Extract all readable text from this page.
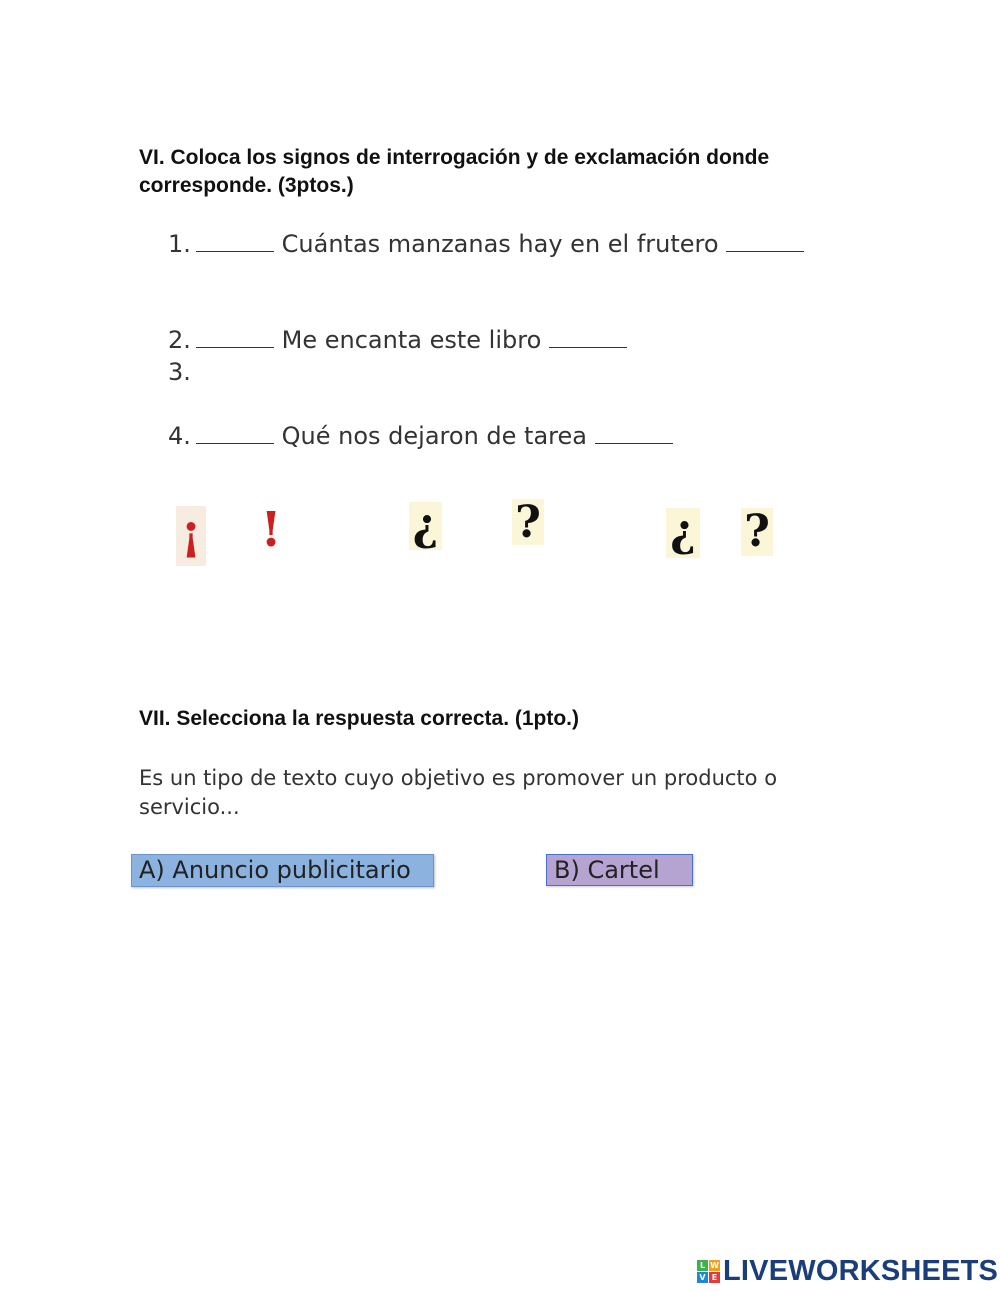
VI. Coloca los signos de interrogación y de exclamación donde corresponde. (3ptos.)
1.	Cuántas manzanas hay en el frutero
2.	Me encanta este libro
3.
4.	Qué nos dejaron de tarea
¡ !	¿ ?	¿ ?
VII. Selecciona la respuesta correcta. (1pto.)
Es un tipo de texto cuyo objetivo es promover un producto o servicio...
A) Anuncio publicitario	B) Cartel
L W
V E LIVEWORKSHEETS
